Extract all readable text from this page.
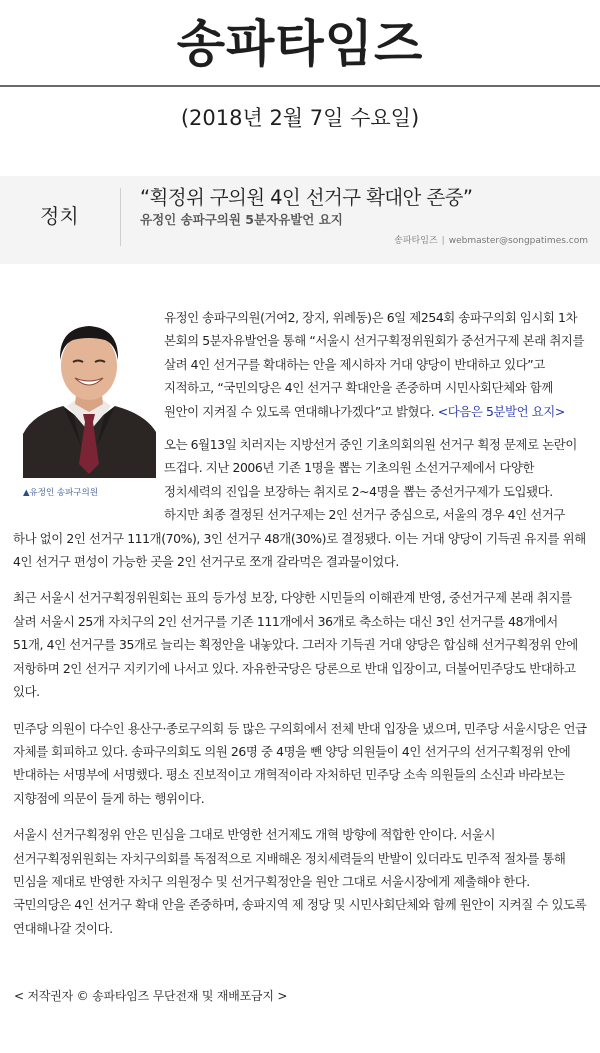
송파타임즈
(2018년 2월 7일 수요일)
정치
“획정위 구의원 4인 선거구 확대안 존중”
유정인 송파구의원 5분자유발언 요지
송파타임즈 | webmaster@songpatimes.com
▲유정인 송파구의원

유정인 송파구의원(거여2, 장지, 위례동)은 6일 제254회 송파구의회 임시회 1차 본회의 5분자유발언을 통해 “서울시 선거구획정위원회가 중선거구제 본래 취지를 살려 4인 선거구를 확대하는 안을 제시하자 거대 양당이 반대하고 있다”고 지적하고, “국민의당은 4인 선거구 확대안을 존중하며 시민사회단체와 함께 원안이 지켜질 수 있도록 연대해나가겠다”고 밝혔다. <다음은 5분발언 요지>

오는 6월13일 치러지는 지방선거 중인 기초의회의원 선거구 획정 문제로 논란이 뜨겁다. 지난 2006년 기존 1명을 뽑는 기초의원 소선거구제에서 다양한 정치세력의 진입을 보장하는 취지로 2~4명을 뽑는 중선거구제가 도입됐다. 하지만 최종 결정된 선거구제는 2인 선거구 중심으로, 서울의 경우 4인 선거구 하나 없이 2인 선거구 111개(70%), 3인 선거구 48개(30%)로 결정됐다. 이는 거대 양당이 기득권 유지를 위해 4인 선거구 편성이 가능한 곳을 2인 선거구로 쪼개 갈라먹은 결과물이었다.

최근 서울시 선거구획정위원회는 표의 등가성 보장, 다양한 시민들의 이해관계 반영, 중선거구제 본래 취지를 살려 서울시 25개 자치구의 2인 선거구를 기존 111개에서 36개로 축소하는 대신 3인 선거구를 48개에서 51개, 4인 선거구를 35개로 늘리는 획정안을 내놓았다. 그러자 기득권 거대 양당은 합심해 선거구획정위 안에 저항하며 2인 선거구 지키기에 나서고 있다. 자유한국당은 당론으로 반대 입장이고, 더불어민주당도 반대하고 있다.

민주당 의원이 다수인 용산구·종로구의회 등 많은 구의회에서 전체 반대 입장을 냈으며, 민주당 서울시당은 언급 자체를 회피하고 있다. 송파구의회도 의원 26명 중 4명을 뺀 양당 의원들이 4인 선거구의 선거구획정위 안에 반대하는 서명부에 서명했다. 평소 진보적이고 개혁적이라 자처하던 민주당 소속 의원들의 소신과 바라보는 지향점에 의문이 들게 하는 행위이다.

서울시 선거구획정위 안은 민심을 그대로 반영한 선거제도 개혁 방향에 적합한 안이다. 서울시 선거구획정위원회는 자치구의회를 독점적으로 지배해온 정치세력들의 반발이 있더라도 민주적 절차를 통해 민심을 제대로 반영한 자치구 의원정수 및 선거구획정안을 원안 그대로 서울시장에게 제출해야 한다. 국민의당은 4인 선거구 확대 안을 존중하며, 송파지역 제 정당 및 시민사회단체와 함께 원안이 지켜질 수 있도록 연대해나갈 것이다.

< 저작권자 © 송파타임즈 무단전재 및 재배포금지 >
